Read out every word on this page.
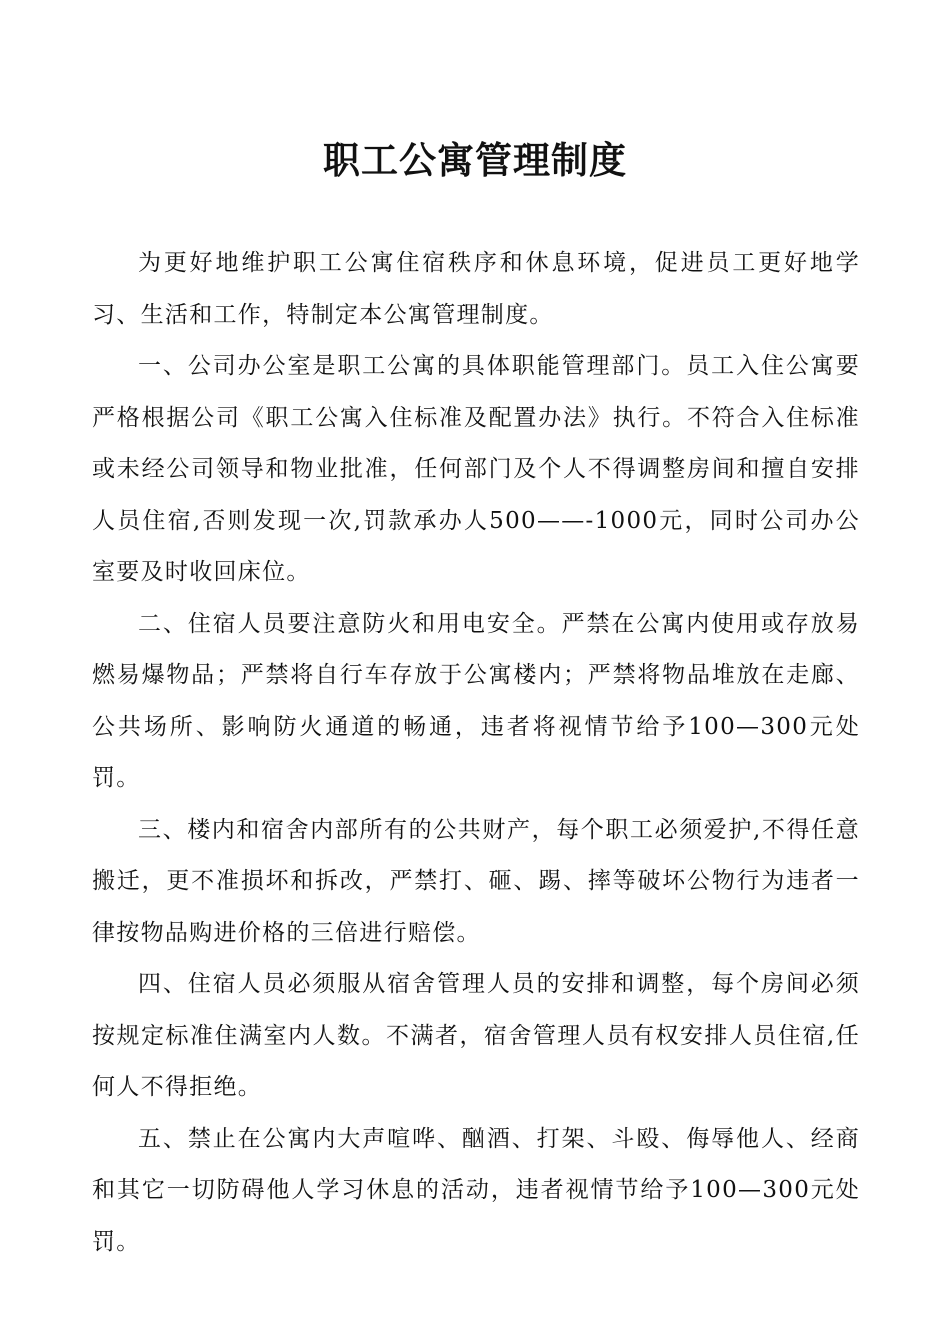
职工公寓管理制度

为更好地维护职工公寓住宿秩序和休息环境，促进员工更好地学习、生活和工作，特制定本公寓管理制度。

一、公司办公室是职工公寓的具体职能管理部门。员工入住公寓要严格根据公司《职工公寓入住标准及配置办法》执行。不符合入住标准或未经公司领导和物业批准，任何部门及个人不得调整房间和擅自安排人员住宿,否则发现一次,罚款承办人500——-1000元，同时公司办公室要及时收回床位。

二、住宿人员要注意防火和用电安全。严禁在公寓内使用或存放易燃易爆物品；严禁将自行车存放于公寓楼内；严禁将物品堆放在走廊、公共场所、影响防火通道的畅通，违者将视情节给予100—300元处罚。

三、楼内和宿舍内部所有的公共财产，每个职工必须爱护,不得任意搬迁，更不准损坏和拆改，严禁打、砸、踢、摔等破坏公物行为违者一律按物品购进价格的三倍进行赔偿。

四、住宿人员必须服从宿舍管理人员的安排和调整，每个房间必须按规定标准住满室内人数。不满者，宿舍管理人员有权安排人员住宿,任何人不得拒绝。

五、禁止在公寓内大声喧哗、酗酒、打架、斗殴、侮辱他人、经商和其它一切防碍他人学习休息的活动，违者视情节给予100—300元处罚。
